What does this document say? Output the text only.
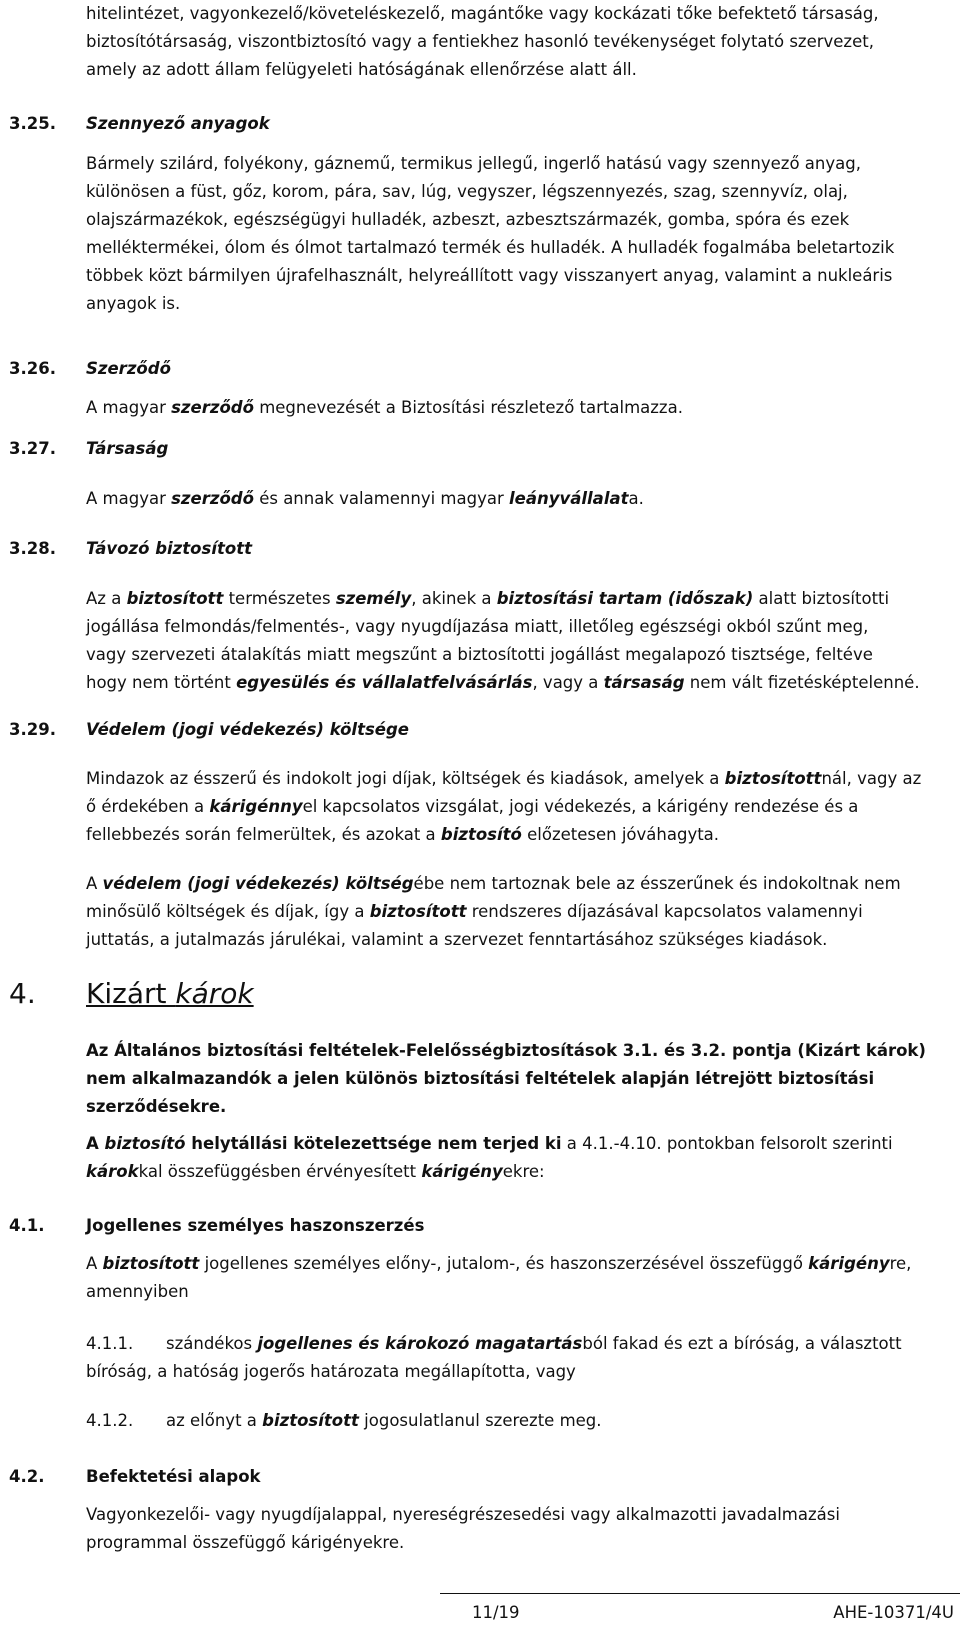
hitelintézet, vagyonkezelő/követeléskezelő, magántőke vagy kockázati tőke befektető társaság,
biztosítótársaság, viszontbiztosító vagy a fentiekhez hasonló tevékenységet folytató szervezet,
amely az adott állam felügyeleti hatóságának ellenőrzése alatt áll.
3.25. Szennyező anyagok
Bármely szilárd, folyékony, gáznemű, termikus jellegű, ingerlő hatású vagy szennyező anyag,
különösen a füst, gőz, korom, pára, sav, lúg, vegyszer, légszennyezés, szag, szennyvíz, olaj,
olajszármazékok, egészségügyi hulladék, azbeszt, azbesztszármazék, gomba, spóra és ezek
melléktermékei, ólom és ólmot tartalmazó termék és hulladék. A hulladék fogalmába beletartozik
többek közt bármilyen újrafelhasznált, helyreállított vagy visszanyert anyag, valamint a nukleáris
anyagok is.
3.26. Szerződő
A magyar szerződő megnevezését a Biztosítási részletező tartalmazza.
3.27. Társaság
A magyar szerződő és annak valamennyi magyar leányvállalata.
3.28. Távozó biztosított
Az a biztosított természetes személy, akinek a biztosítási tartam (időszak) alatt biztosítotti
jogállása felmondás/felmentés-, vagy nyugdíjazása miatt, illetőleg egészségi okból szűnt meg,
vagy szervezeti átalakítás miatt megszűnt a biztosítotti jogállást megalapozó tisztsége, feltéve
hogy nem történt egyesülés és vállalatfelvásárlás, vagy a társaság nem vált fizetésképtelenné.
3.29. Védelem (jogi védekezés) költsége
Mindazok az ésszerű és indokolt jogi díjak, költségek és kiadások, amelyek a biztosítottnál, vagy az
ő érdekében a kárigénnyel kapcsolatos vizsgálat, jogi védekezés, a kárigény rendezése és a
fellebbezés során felmerültek, és azokat a biztosító előzetesen jóváhagyta.
A védelem (jogi védekezés) költségébe nem tartoznak bele az ésszerűnek és indokoltnak nem
minősülő költségek és díjak, így a biztosított rendszeres díjazásával kapcsolatos valamennyi
juttatás, a jutalmazás járulékai, valamint a szervezet fenntartásához szükséges kiadások.
4. Kizárt károk
Az Általános biztosítási feltételek-Felelősségbiztosítások 3.1. és 3.2. pontja (Kizárt károk)
nem alkalmazandók a jelen különös biztosítási feltételek alapján létrejött biztosítási
szerződésekre.
A biztosító helytállási kötelezettsége nem terjed ki a 4.1.-4.10. pontokban felsorolt szerinti
károkkal összefüggésben érvényesített kárigényekre:
4.1.	Jogellenes személyes haszonszerzés
A biztosított jogellenes személyes előny-, jutalom-, és haszonszerzésével összefüggő kárigényre,
amennyiben
4.1.1.	szándékos jogellenes és károkozó magatartásból fakad és ezt a bíróság, a választott
bíróság, a hatóság jogerős határozata megállapította, vagy
4.1.2. az előnyt a biztosított jogosulatlanul szerezte meg.
4.2.	Befektetési alapok
Vagyonkezelői- vagy nyugdíjalappal, nyereségrészesedési vagy alkalmazotti javadalmazási
programmal összefüggő kárigényekre.
11/19	AHE-10371/4U
